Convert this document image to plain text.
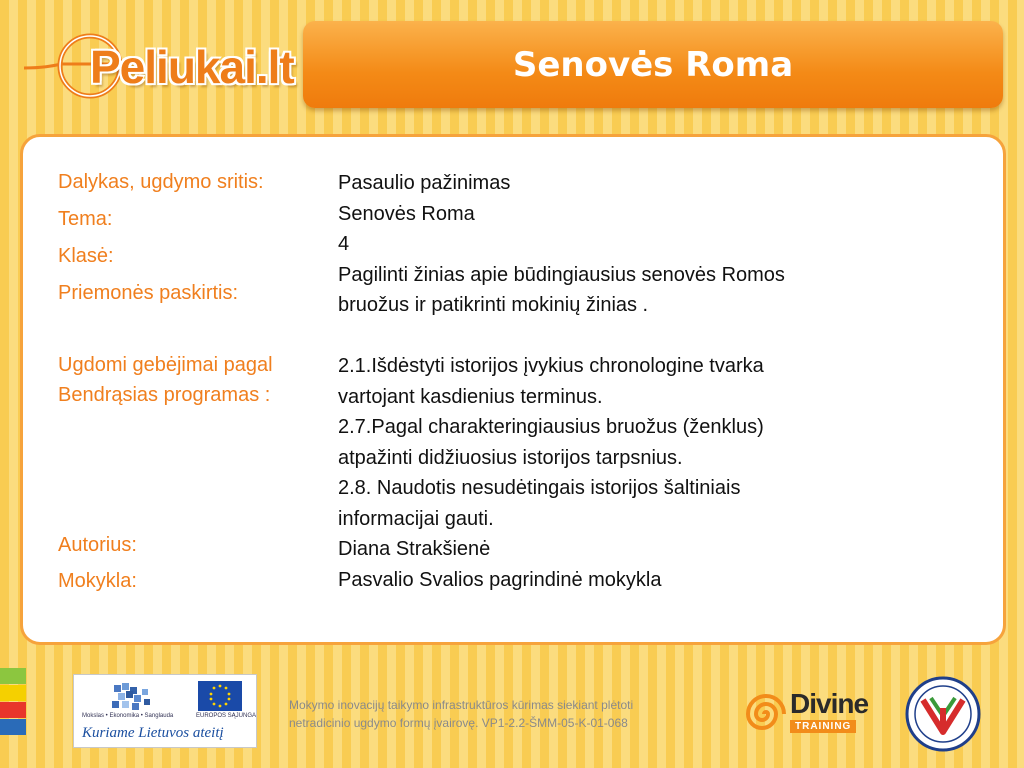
Peliukai.lt	Senovės Roma
Dalykas, ugdymo sritis:
Tema:
Klasė:
Priemonės paskirtis:
Ugdomi gebėjimai pagal
Bendrąsias programas :
Autorius:
Mokykla:
Pasaulio pažinimas
Senovės Roma
4
Pagilinti žinias apie būdingiausius senovės Romos
bruožus ir patikrinti mokinių žinias .

2.1.Išdėstyti istorijos įvykius chronologine tvarka
vartojant kasdienius terminus.
2.7.Pagal charakteringiausius bruožus (ženklus)
atpažinti didžiuosius istorijos tarpsnius.
2.8. Naudotis nesudėtingais istorijos šaltiniais
informacijai gauti.
Diana Strakšienė
Pasvalio Svalios pagrindinė mokykla
Mokslas • Ekonomika • Sanglauda	EUROPOS SĄJUNGA
Kuriame Lietuvos ateitį
Mokymo inovacijų taikymo infrastruktūros kūrimas siekiant plėtoti
netradicinio ugdymo formų įvairovę. VP1-2.2-ŠMM-05-K-01-068
Divine
TRAINING
